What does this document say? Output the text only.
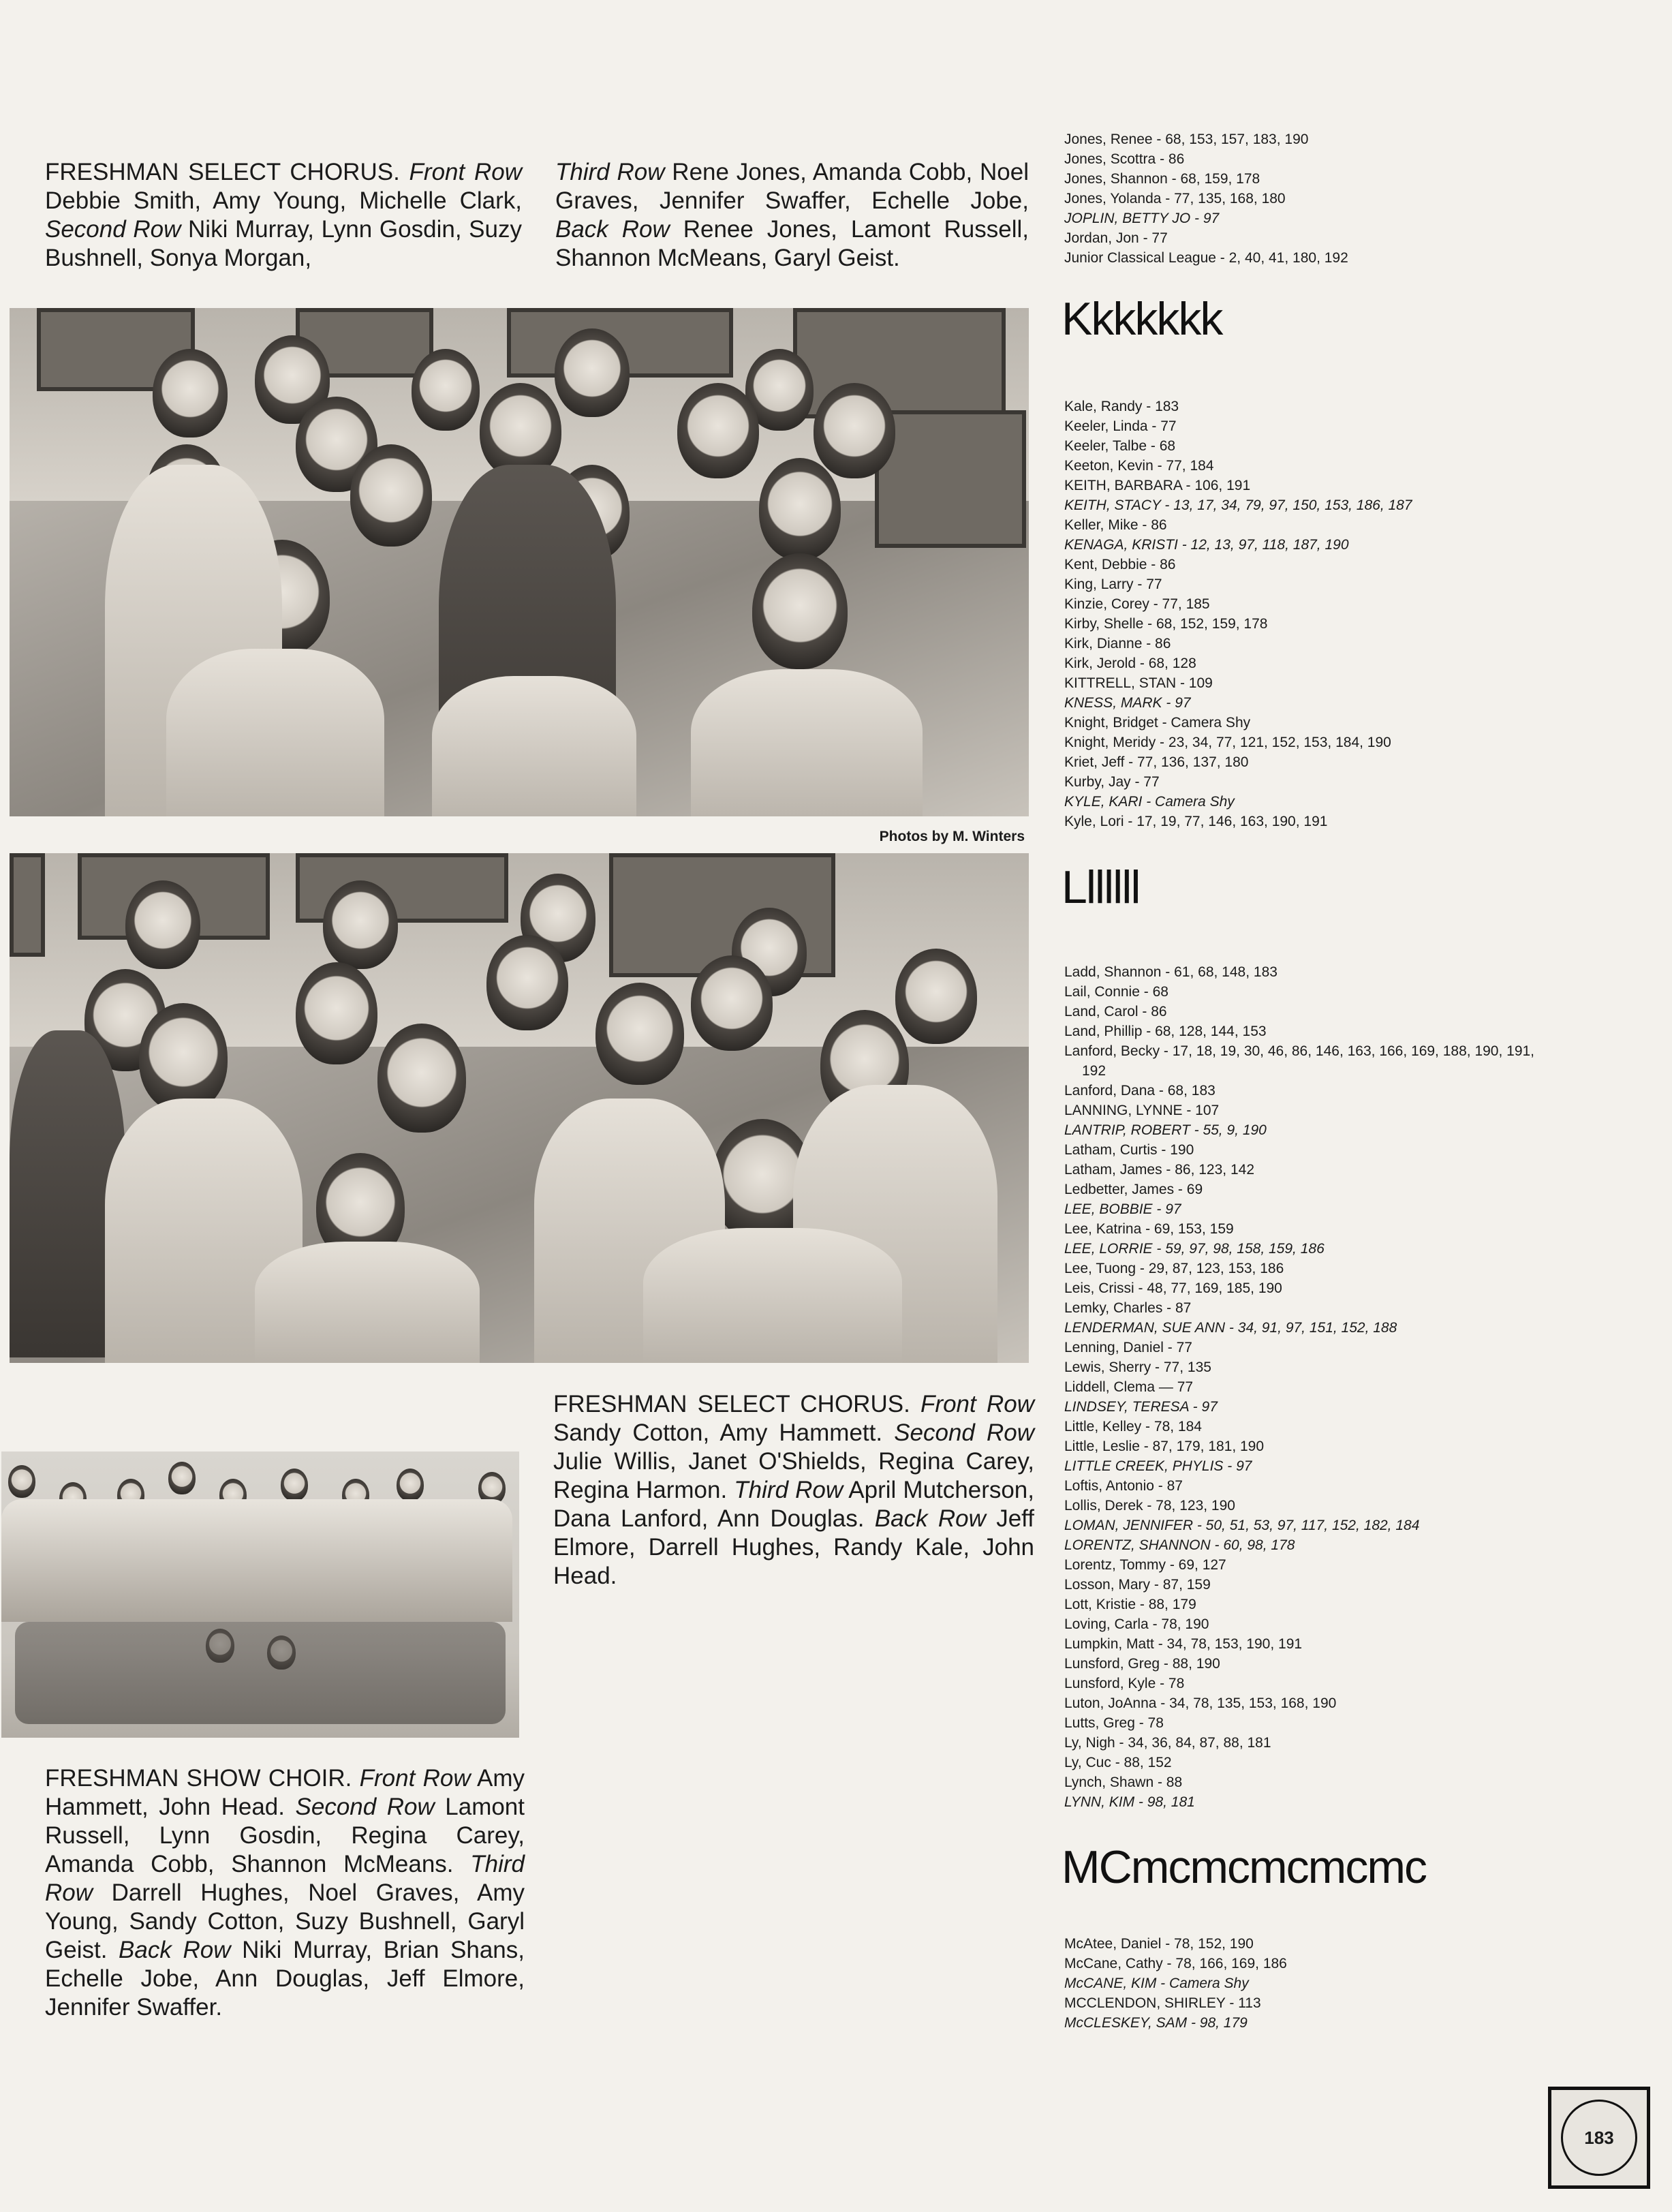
FRESHMAN SELECT CHORUS. Front Row Debbie Smith, Amy Young, Michelle Clark, Second Row Niki Murray, Lynn Gosdin, Suzy Bushnell, Sonya Morgan,
Third Row Rene Jones, Amanda Cobb, Noel Graves, Jennifer Swaffer, Echelle Jobe, Back Row Renee Jones, Lamont Russell, Shannon McMeans, Garyl Geist.
Photos by M. Winters
FRESHMAN SELECT CHORUS. Front Row Sandy Cotton, Amy Hammett. Second Row Julie Willis, Janet O'Shields, Regina Carey, Regina Harmon. Third Row April Mutcherson, Dana Lanford, Ann Douglas. Back Row Jeff Elmore, Darrell Hughes, Randy Kale, John Head.
FRESHMAN SHOW CHOIR. Front Row Amy Hammett, John Head. Second Row Lamont Russell, Lynn Gosdin, Regina Carey, Amanda Cobb, Shannon McMeans. Third Row Darrell Hughes, Noel Graves, Amy Young, Sandy Cotton, Suzy Bushnell, Garyl Geist. Back Row Niki Murray, Brian Shans, Echelle Jobe, Ann Douglas, Jeff Elmore, Jennifer Swaffer.
Jones, Renee - 68, 153, 157, 183, 190
Jones, Scottra - 86
Jones, Shannon - 68, 159, 178
Jones, Yolanda - 77, 135, 168, 180
JOPLIN, BETTY JO - 97
Jordan, Jon - 77
Junior Classical League - 2, 40, 41, 180, 192
Kkkkkkk
Kale, Randy - 183
Keeler, Linda - 77
Keeler, Talbe - 68
Keeton, Kevin - 77, 184
KEITH, BARBARA - 106, 191
KEITH, STACY - 13, 17, 34, 79, 97, 150, 153, 186, 187
Keller, Mike - 86
KENAGA, KRISTI - 12, 13, 97, 118, 187, 190
Kent, Debbie - 86
King, Larry - 77
Kinzie, Corey - 77, 185
Kirby, Shelle - 68, 152, 159, 178
Kirk, Dianne - 86
Kirk, Jerold - 68, 128
KITTRELL, STAN - 109
KNESS, MARK - 97
Knight, Bridget - Camera Shy
Knight, Meridy - 23, 34, 77, 121, 152, 153, 184, 190
Kriet, Jeff - 77, 136, 137, 180
Kurby, Jay - 77
KYLE, KARI - Camera Shy
Kyle, Lori - 17, 19, 77, 146, 163, 190, 191
Lllllll
Ladd, Shannon - 61, 68, 148, 183
Lail, Connie - 68
Land, Carol - 86
Land, Phillip - 68, 128, 144, 153
Lanford, Becky - 17, 18, 19, 30, 46, 86, 146, 163, 166, 169, 188, 190, 191, 192
Lanford, Dana - 68, 183
LANNING, LYNNE - 107
LANTRIP, ROBERT - 55, 9, 190
Latham, Curtis - 190
Latham, James - 86, 123, 142
Ledbetter, James - 69
LEE, BOBBIE - 97
Lee, Katrina - 69, 153, 159
LEE, LORRIE - 59, 97, 98, 158, 159, 186
Lee, Tuong - 29, 87, 123, 153, 186
Leis, Crissi - 48, 77, 169, 185, 190
Lemky, Charles - 87
LENDERMAN, SUE ANN - 34, 91, 97, 151, 152, 188
Lenning, Daniel - 77
Lewis, Sherry - 77, 135
Liddell, Clema — 77
LINDSEY, TERESA - 97
Little, Kelley - 78, 184
Little, Leslie - 87, 179, 181, 190
LITTLE CREEK, PHYLIS - 97
Loftis, Antonio - 87
Lollis, Derek - 78, 123, 190
LOMAN, JENNIFER - 50, 51, 53, 97, 117, 152, 182, 184
LORENTZ, SHANNON - 60, 98, 178
Lorentz, Tommy - 69, 127
Losson, Mary - 87, 159
Lott, Kristie - 88, 179
Loving, Carla - 78, 190
Lumpkin, Matt - 34, 78, 153, 190, 191
Lunsford, Greg - 88, 190
Lunsford, Kyle - 78
Luton, JoAnna - 34, 78, 135, 153, 168, 190
Lutts, Greg - 78
Ly, Nigh - 34, 36, 84, 87, 88, 181
Ly, Cuc - 88, 152
Lynch, Shawn - 88
LYNN, KIM - 98, 181
MCmcmcmcmcmc
McAtee, Daniel - 78, 152, 190
McCane, Cathy - 78, 166, 169, 186
McCANE, KIM - Camera Shy
MCCLENDON, SHIRLEY - 113
McCLESKEY, SAM - 98, 179
183
